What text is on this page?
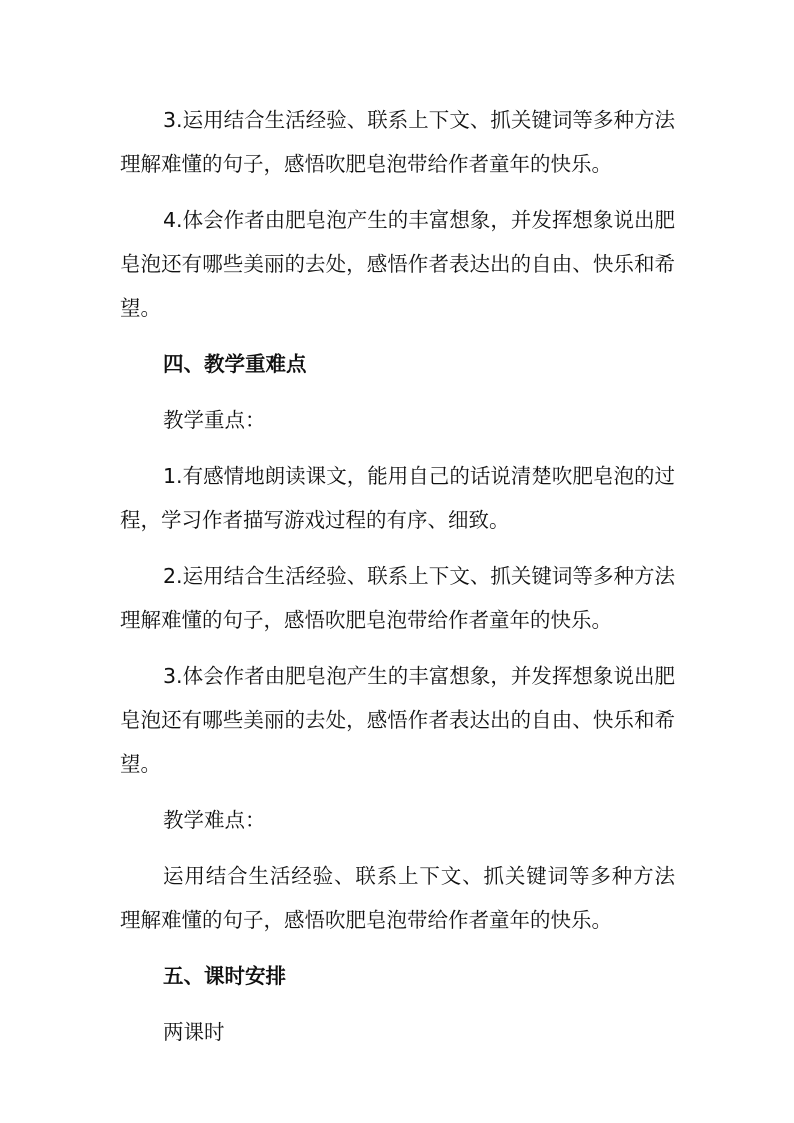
3.运用结合生活经验、联系上下文、抓关键词等多种方法理解难懂的句子，感悟吹肥皂泡带给作者童年的快乐。

4.体会作者由肥皂泡产生的丰富想象，并发挥想象说出肥皂泡还有哪些美丽的去处，感悟作者表达出的自由、快乐和希望。

四、教学重难点

教学重点：

1.有感情地朗读课文，能用自己的话说清楚吹肥皂泡的过程，学习作者描写游戏过程的有序、细致。

2.运用结合生活经验、联系上下文、抓关键词等多种方法理解难懂的句子，感悟吹肥皂泡带给作者童年的快乐。

3.体会作者由肥皂泡产生的丰富想象，并发挥想象说出肥皂泡还有哪些美丽的去处，感悟作者表达出的自由、快乐和希望。

教学难点：

运用结合生活经验、联系上下文、抓关键词等多种方法理解难懂的句子，感悟吹肥皂泡带给作者童年的快乐。

五、课时安排

两课时
